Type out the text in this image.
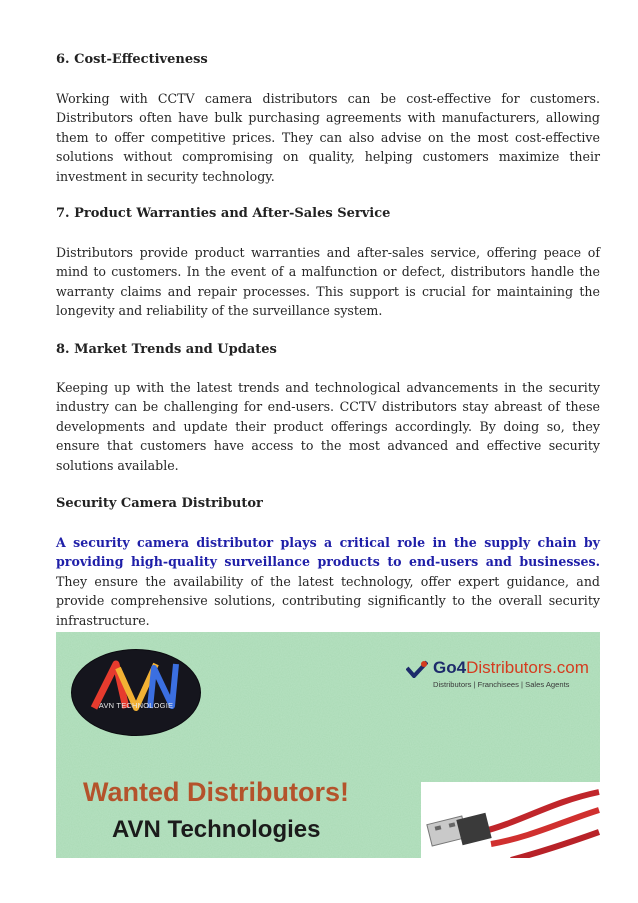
6. Cost-Effectiveness

Working with CCTV camera distributors can be cost-effective for customers. Distributors often have bulk purchasing agreements with manufacturers, allowing them to offer competitive prices. They can also advise on the most cost-effective solutions without compromising on quality, helping customers maximize their investment in security technology.

7. Product Warranties and After-Sales Service

Distributors provide product warranties and after-sales service, offering peace of mind to customers. In the event of a malfunction or defect, distributors handle the warranty claims and repair processes. This support is crucial for maintaining the longevity and reliability of the surveillance system.

8. Market Trends and Updates

Keeping up with the latest trends and technological advancements in the security industry can be challenging for end-users. CCTV distributors stay abreast of these developments and update their product offerings accordingly. By doing so, they ensure that customers have access to the most advanced and effective security solutions available.

Security Camera Distributor

A security camera distributor plays a critical role in the supply chain by providing high-quality surveillance products to end-users and businesses. They ensure the availability of the latest technology, offer expert guidance, and provide comprehensive solutions, contributing significantly to the overall security infrastructure.

AVN TECHNOLOGIE
Go4Distributors.com
Distributors | Franchisees | Sales Agents
Wanted Distributors!
AVN Technologies
